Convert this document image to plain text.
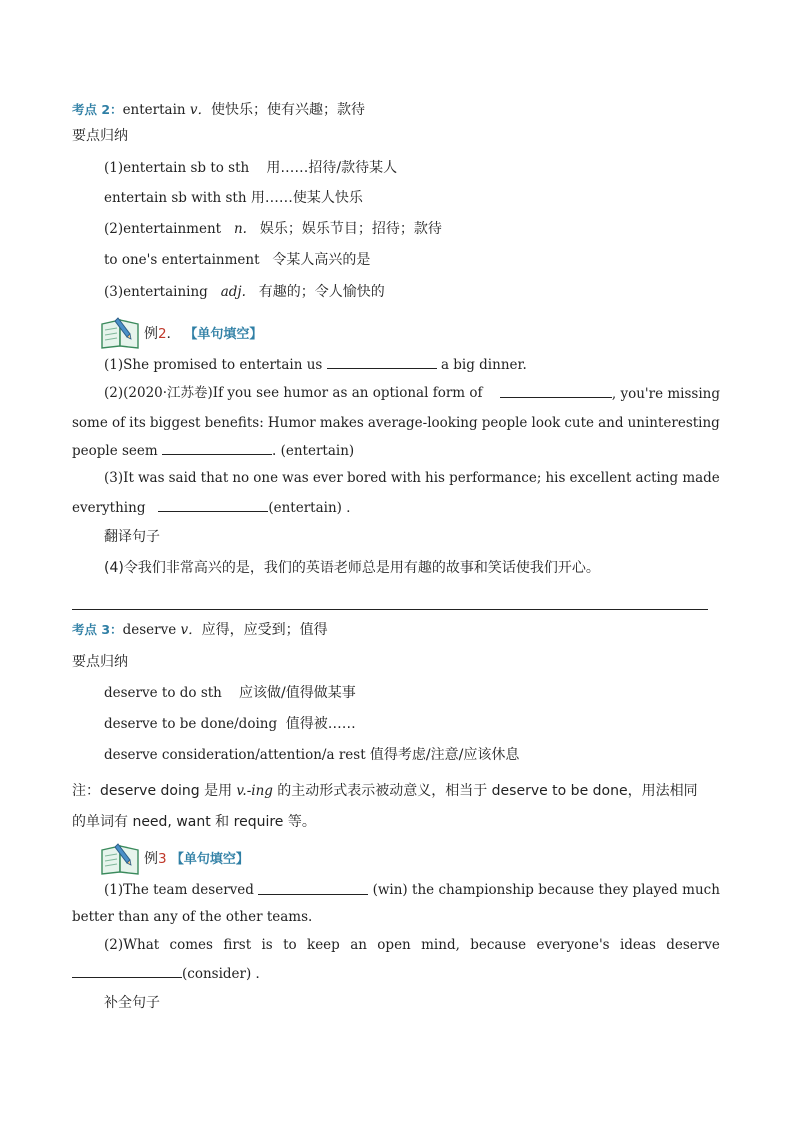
考点 2：entertain v．使快乐；使有兴趣；款待
要点归纳
(1)entertain sb to sth 用……招待/款待某人
entertain sb with sth 用……使某人快乐
(2)entertainment n. 娱乐；娱乐节目；招待；款待
to one's entertainment 令某人高兴的是
(3)entertaining adj. 有趣的；令人愉快的
例2． 【单句填空】
(1)She promised to entertain us	a big dinner.
(2)(2020·江苏卷)If you see humor as an optional form of	, you're missing
some of its biggest benefits: Humor makes average-looking people look cute and uninteresting
people seem	. (entertain)
(3)It was said that no one was ever bored with his performance; his excellent acting made
everything	(entertain) ．
翻译句子
(4)令我们非常高兴的是，我们的英语老师总是用有趣的故事和笑话使我们开心。
考点 3：deserve v．应得，应受到；值得
要点归纳
deserve to do sth 应该做/值得做某事
deserve to be done/doing 值得被……
deserve consideration/attention/a rest 值得考虑/注意/应该休息
注：deserve doing 是用 v.-ing 的主动形式表示被动意义，相当于 deserve to be done，用法相同
的单词有 need, want 和 require 等。
例3 【单句填空】
(1)The team deserved	(win) the championship because they played much
better than any of the other teams.
(2)What comes first is to keep an open mind, because everyone's ideas deserve
(consider) ．
补全句子
